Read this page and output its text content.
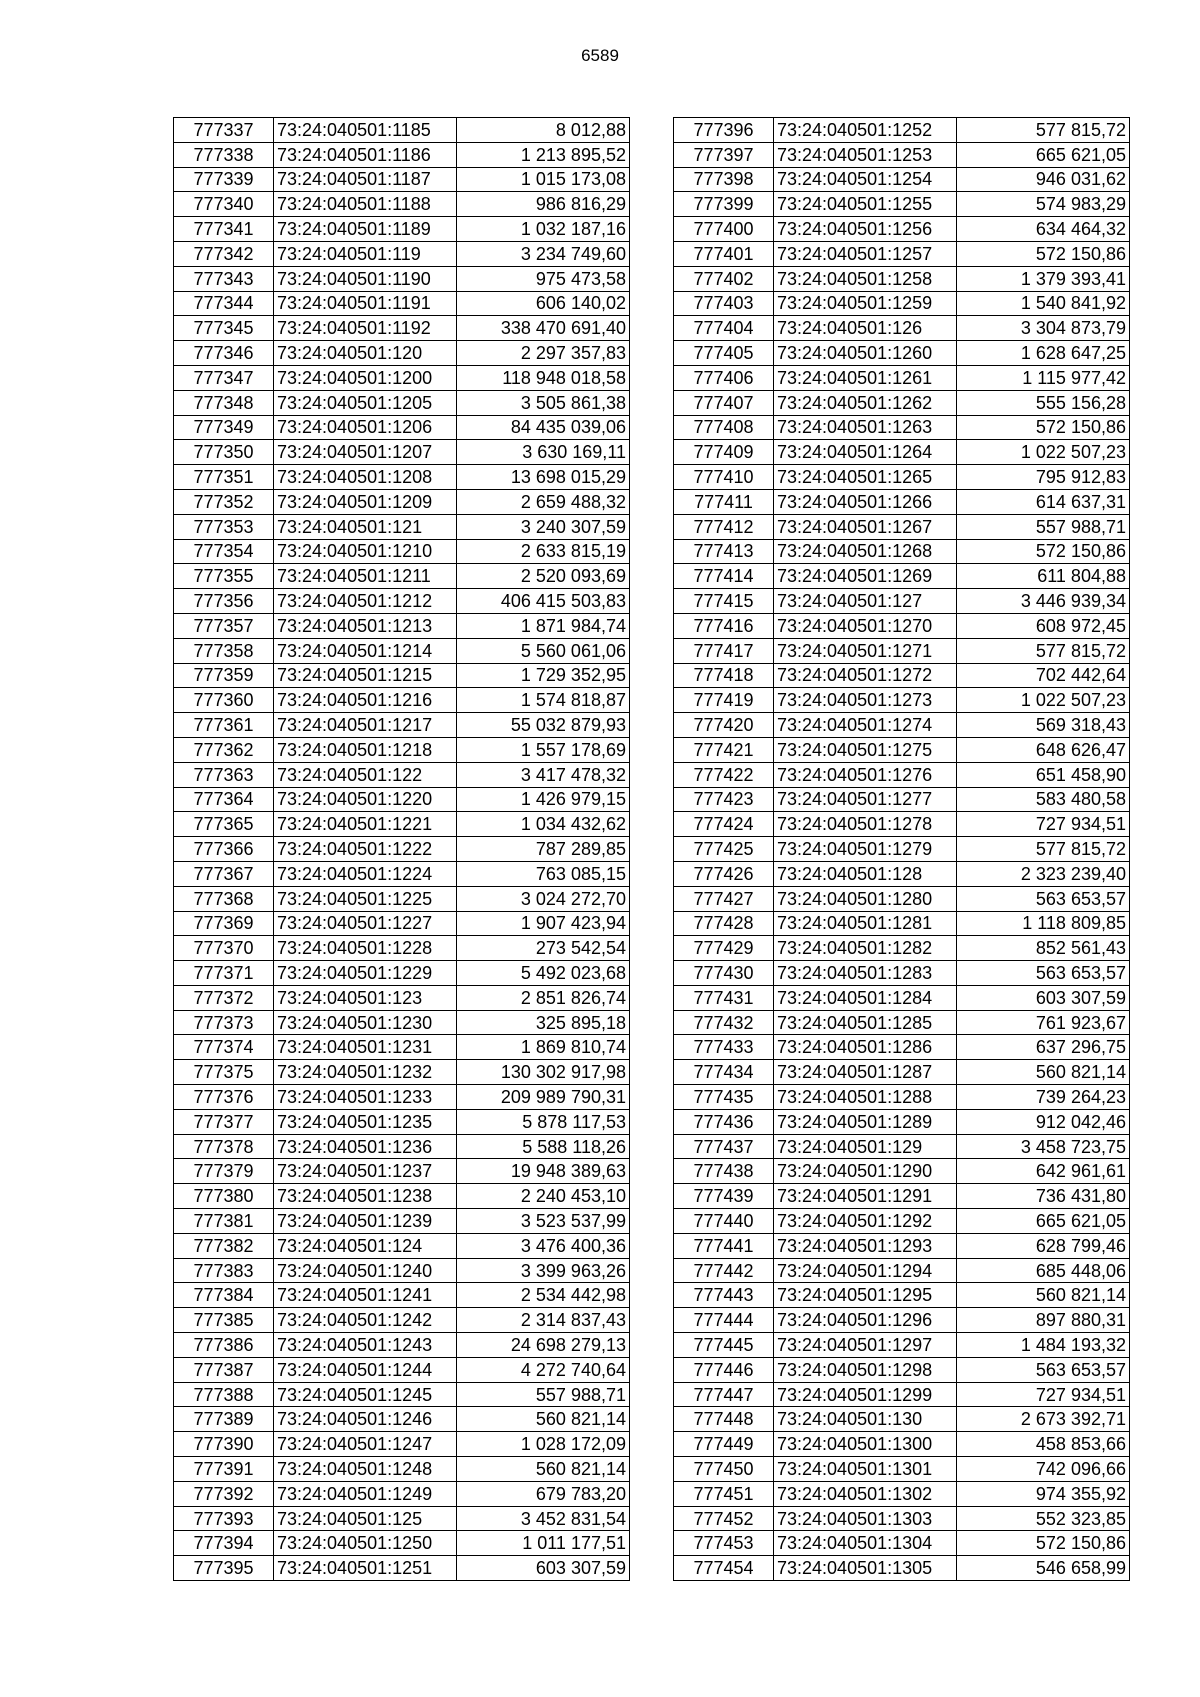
6589
777337	73:24:040501:1185	8 012,88
777338	73:24:040501:1186	1 213 895,52
777339	73:24:040501:1187	1 015 173,08
777340	73:24:040501:1188	986 816,29
777341	73:24:040501:1189	1 032 187,16
777342	73:24:040501:119	3 234 749,60
777343	73:24:040501:1190	975 473,58
777344	73:24:040501:1191	606 140,02
777345	73:24:040501:1192	338 470 691,40
777346	73:24:040501:120	2 297 357,83
777347	73:24:040501:1200	118 948 018,58
777348	73:24:040501:1205	3 505 861,38
777349	73:24:040501:1206	84 435 039,06
777350	73:24:040501:1207	3 630 169,11
777351	73:24:040501:1208	13 698 015,29
777352	73:24:040501:1209	2 659 488,32
777353	73:24:040501:121	3 240 307,59
777354	73:24:040501:1210	2 633 815,19
777355	73:24:040501:1211	2 520 093,69
777356	73:24:040501:1212	406 415 503,83
777357	73:24:040501:1213	1 871 984,74
777358	73:24:040501:1214	5 560 061,06
777359	73:24:040501:1215	1 729 352,95
777360	73:24:040501:1216	1 574 818,87
777361	73:24:040501:1217	55 032 879,93
777362	73:24:040501:1218	1 557 178,69
777363	73:24:040501:122	3 417 478,32
777364	73:24:040501:1220	1 426 979,15
777365	73:24:040501:1221	1 034 432,62
777366	73:24:040501:1222	787 289,85
777367	73:24:040501:1224	763 085,15
777368	73:24:040501:1225	3 024 272,70
777369	73:24:040501:1227	1 907 423,94
777370	73:24:040501:1228	273 542,54
777371	73:24:040501:1229	5 492 023,68
777372	73:24:040501:123	2 851 826,74
777373	73:24:040501:1230	325 895,18
777374	73:24:040501:1231	1 869 810,74
777375	73:24:040501:1232	130 302 917,98
777376	73:24:040501:1233	209 989 790,31
777377	73:24:040501:1235	5 878 117,53
777378	73:24:040501:1236	5 588 118,26
777379	73:24:040501:1237	19 948 389,63
777380	73:24:040501:1238	2 240 453,10
777381	73:24:040501:1239	3 523 537,99
777382	73:24:040501:124	3 476 400,36
777383	73:24:040501:1240	3 399 963,26
777384	73:24:040501:1241	2 534 442,98
777385	73:24:040501:1242	2 314 837,43
777386	73:24:040501:1243	24 698 279,13
777387	73:24:040501:1244	4 272 740,64
777388	73:24:040501:1245	557 988,71
777389	73:24:040501:1246	560 821,14
777390	73:24:040501:1247	1 028 172,09
777391	73:24:040501:1248	560 821,14
777392	73:24:040501:1249	679 783,20
777393	73:24:040501:125	3 452 831,54
777394	73:24:040501:1250	1 011 177,51
777395	73:24:040501:1251	603 307,59
777396	73:24:040501:1252	577 815,72
777397	73:24:040501:1253	665 621,05
777398	73:24:040501:1254	946 031,62
777399	73:24:040501:1255	574 983,29
777400	73:24:040501:1256	634 464,32
777401	73:24:040501:1257	572 150,86
777402	73:24:040501:1258	1 379 393,41
777403	73:24:040501:1259	1 540 841,92
777404	73:24:040501:126	3 304 873,79
777405	73:24:040501:1260	1 628 647,25
777406	73:24:040501:1261	1 115 977,42
777407	73:24:040501:1262	555 156,28
777408	73:24:040501:1263	572 150,86
777409	73:24:040501:1264	1 022 507,23
777410	73:24:040501:1265	795 912,83
777411	73:24:040501:1266	614 637,31
777412	73:24:040501:1267	557 988,71
777413	73:24:040501:1268	572 150,86
777414	73:24:040501:1269	611 804,88
777415	73:24:040501:127	3 446 939,34
777416	73:24:040501:1270	608 972,45
777417	73:24:040501:1271	577 815,72
777418	73:24:040501:1272	702 442,64
777419	73:24:040501:1273	1 022 507,23
777420	73:24:040501:1274	569 318,43
777421	73:24:040501:1275	648 626,47
777422	73:24:040501:1276	651 458,90
777423	73:24:040501:1277	583 480,58
777424	73:24:040501:1278	727 934,51
777425	73:24:040501:1279	577 815,72
777426	73:24:040501:128	2 323 239,40
777427	73:24:040501:1280	563 653,57
777428	73:24:040501:1281	1 118 809,85
777429	73:24:040501:1282	852 561,43
777430	73:24:040501:1283	563 653,57
777431	73:24:040501:1284	603 307,59
777432	73:24:040501:1285	761 923,67
777433	73:24:040501:1286	637 296,75
777434	73:24:040501:1287	560 821,14
777435	73:24:040501:1288	739 264,23
777436	73:24:040501:1289	912 042,46
777437	73:24:040501:129	3 458 723,75
777438	73:24:040501:1290	642 961,61
777439	73:24:040501:1291	736 431,80
777440	73:24:040501:1292	665 621,05
777441	73:24:040501:1293	628 799,46
777442	73:24:040501:1294	685 448,06
777443	73:24:040501:1295	560 821,14
777444	73:24:040501:1296	897 880,31
777445	73:24:040501:1297	1 484 193,32
777446	73:24:040501:1298	563 653,57
777447	73:24:040501:1299	727 934,51
777448	73:24:040501:130	2 673 392,71
777449	73:24:040501:1300	458 853,66
777450	73:24:040501:1301	742 096,66
777451	73:24:040501:1302	974 355,92
777452	73:24:040501:1303	552 323,85
777453	73:24:040501:1304	572 150,86
777454	73:24:040501:1305	546 658,99
